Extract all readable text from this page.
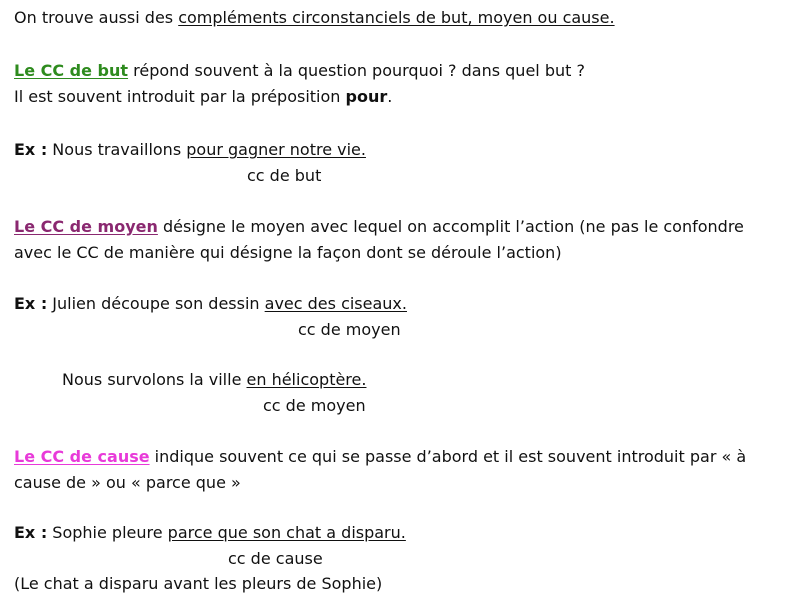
On trouve aussi des compléments circonstanciels de but, moyen ou cause.
Le CC de but répond souvent à la question pourquoi ? dans quel but ?
Il est souvent introduit par la préposition pour.
Ex : Nous travaillons pour gagner notre vie.
cc de but
Le CC de moyen désigne le moyen avec lequel on accomplit l’action (ne pas le confondre
avec le CC de manière qui désigne la façon dont se déroule l’action)
Ex : Julien découpe son dessin avec des ciseaux.
cc de moyen
Nous survolons la ville en hélicoptère.
cc de moyen
Le CC de cause indique souvent ce qui se passe d’abord et il est souvent introduit par « à
cause de » ou « parce que »
Ex : Sophie pleure parce que son chat a disparu.
cc de cause
(Le chat a disparu avant les pleurs de Sophie)
